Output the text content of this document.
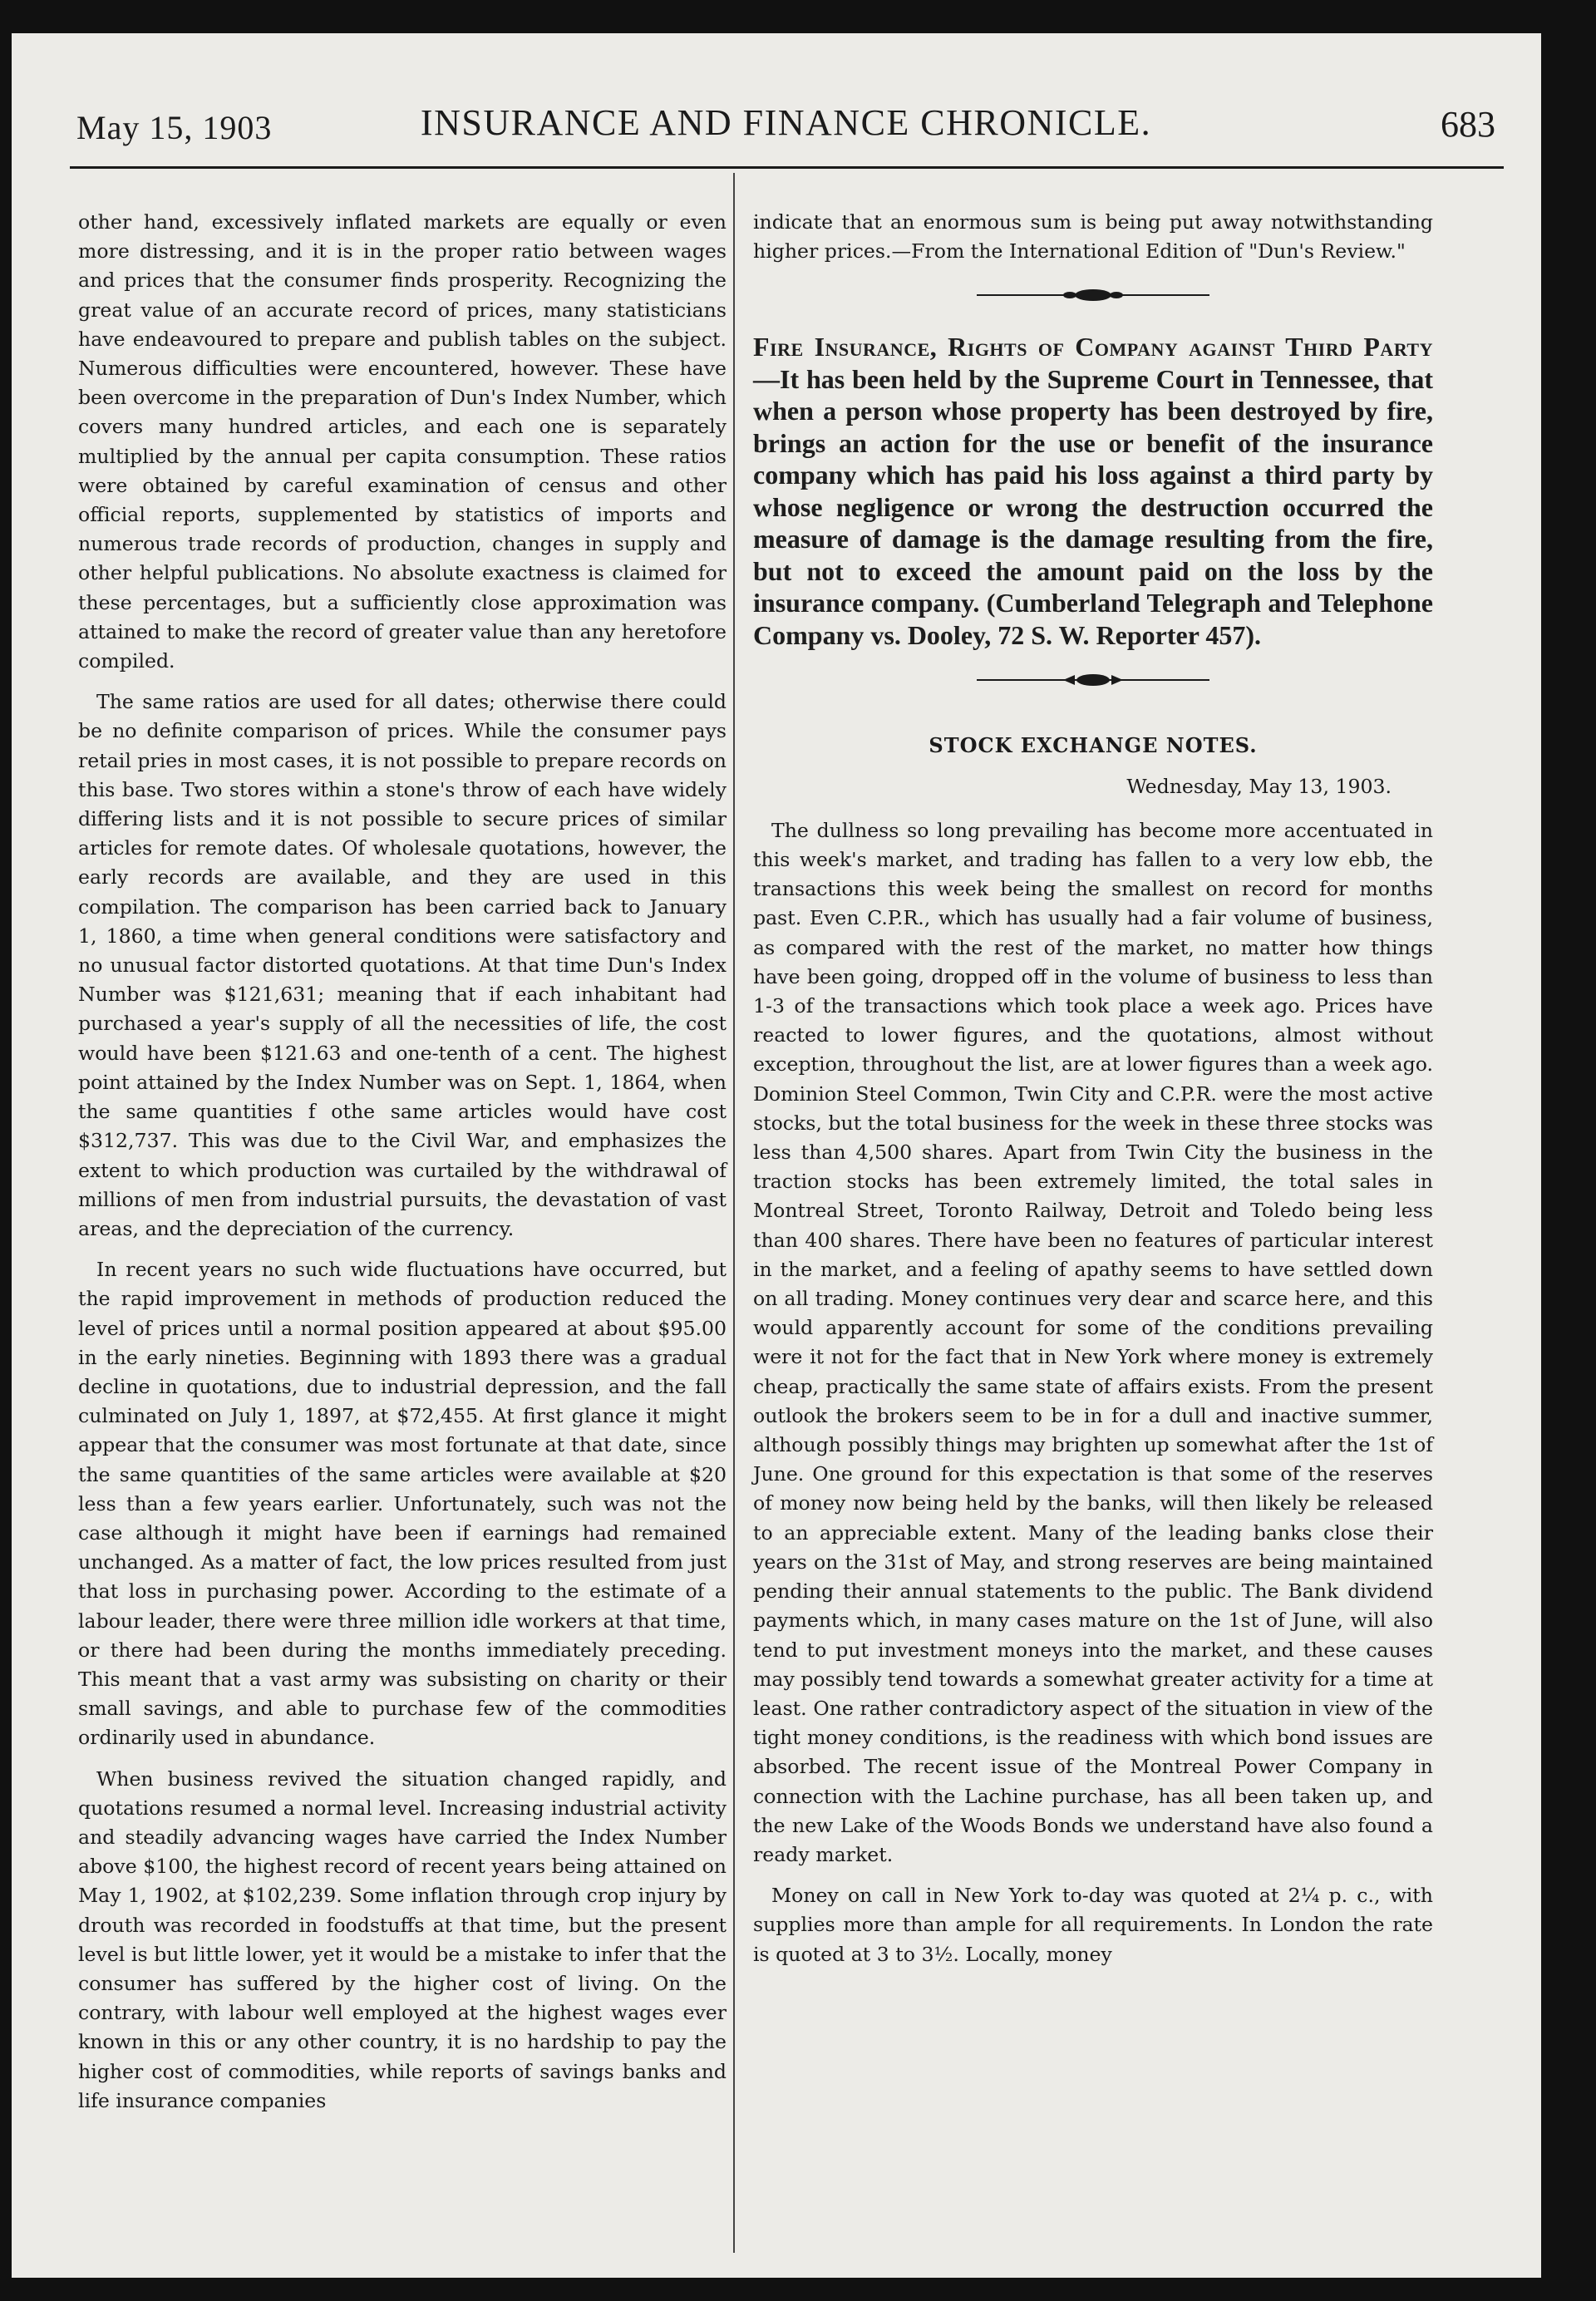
May 15, 1903	INSURANCE AND FINANCE CHRONICLE.	683

other hand, excessively inflated markets are equally or even more distressing, and it is in the proper ratio between wages and prices that the consumer finds prosperity. Recognizing the great value of an accurate record of prices, many statisticians have endeavoured to prepare and publish tables on the subject. Numerous difficulties were encountered, however. These have been overcome in the preparation of Dun's Index Number, which covers many hundred articles, and each one is separately multiplied by the annual per capita consumption. These ratios were obtained by careful examination of census and other official reports, supplemented by statistics of imports and numerous trade records of production, changes in supply and other helpful publications. No absolute exactness is claimed for these percentages, but a sufficiently close approximation was attained to make the record of greater value than any heretofore compiled.

The same ratios are used for all dates; otherwise there could be no definite comparison of prices. While the consumer pays retail pries in most cases, it is not possible to prepare records on this base. Two stores within a stone's throw of each have widely differing lists and it is not possible to secure prices of similar articles for remote dates. Of wholesale quotations, however, the early records are available, and they are used in this compilation. The comparison has been carried back to January 1, 1860, a time when general conditions were satisfactory and no unusual factor distorted quotations. At that time Dun's Index Number was $121,631; meaning that if each inhabitant had purchased a year's supply of all the necessities of life, the cost would have been $121.63 and one-tenth of a cent. The highest point attained by the Index Number was on Sept. 1, 1864, when the same quantities f othe same articles would have cost $312,737. This was due to the Civil War, and emphasizes the extent to which production was curtailed by the withdrawal of millions of men from industrial pursuits, the devastation of vast areas, and the depreciation of the currency.

In recent years no such wide fluctuations have occurred, but the rapid improvement in methods of production reduced the level of prices until a normal position appeared at about $95.00 in the early nineties. Beginning with 1893 there was a gradual decline in quotations, due to industrial depression, and the fall culminated on July 1, 1897, at $72,455. At first glance it might appear that the consumer was most fortunate at that date, since the same quantities of the same articles were available at $20 less than a few years earlier. Unfortunately, such was not the case although it might have been if earnings had remained unchanged. As a matter of fact, the low prices resulted from just that loss in purchasing power. According to the estimate of a labour leader, there were three million idle workers at that time, or there had been during the months immediately preceding. This meant that a vast army was subsisting on charity or their small savings, and able to purchase few of the commodities ordinarily used in abundance.

When business revived the situation changed rapidly, and quotations resumed a normal level. Increasing industrial activity and steadily advancing wages have carried the Index Number above $100, the highest record of recent years being attained on May 1, 1902, at $102,239. Some inflation through crop injury by drouth was recorded in foodstuffs at that time, but the present level is but little lower, yet it would be a mistake to infer that the consumer has suffered by the higher cost of living. On the contrary, with labour well employed at the highest wages ever known in this or any other country, it is no hardship to pay the higher cost of commodities, while reports of savings banks and life insurance companies

indicate that an enormous sum is being put away notwithstanding higher prices.—From the International Edition of "Dun's Review."

Fire Insurance, Rights of Company against Third Party—It has been held by the Supreme Court in Tennessee, that when a person whose property has been destroyed by fire, brings an action for the use or benefit of the insurance company which has paid his loss against a third party by whose negligence or wrong the destruction occurred the measure of damage is the damage resulting from the fire, but not to exceed the amount paid on the loss by the insurance company. (Cumberland Telegraph and Telephone Company vs. Dooley, 72 S. W. Reporter 457).

STOCK EXCHANGE NOTES.
Wednesday, May 13, 1903.

The dullness so long prevailing has become more accentuated in this week's market, and trading has fallen to a very low ebb, the transactions this week being the smallest on record for months past. Even C.P.R., which has usually had a fair volume of business, as compared with the rest of the market, no matter how things have been going, dropped off in the volume of business to less than 1-3 of the transactions which took place a week ago. Prices have reacted to lower figures, and the quotations, almost without exception, throughout the list, are at lower figures than a week ago. Dominion Steel Common, Twin City and C.P.R. were the most active stocks, but the total business for the week in these three stocks was less than 4,500 shares. Apart from Twin City the business in the traction stocks has been extremely limited, the total sales in Montreal Street, Toronto Railway, Detroit and Toledo being less than 400 shares. There have been no features of particular interest in the market, and a feeling of apathy seems to have settled down on all trading. Money continues very dear and scarce here, and this would apparently account for some of the conditions prevailing were it not for the fact that in New York where money is extremely cheap, practically the same state of affairs exists. From the present outlook the brokers seem to be in for a dull and inactive summer, although possibly things may brighten up somewhat after the 1st of June. One ground for this expectation is that some of the reserves of money now being held by the banks, will then likely be released to an appreciable extent. Many of the leading banks close their years on the 31st of May, and strong reserves are being maintained pending their annual statements to the public. The Bank dividend payments which, in many cases mature on the 1st of June, will also tend to put investment moneys into the market, and these causes may possibly tend towards a somewhat greater activity for a time at least. One rather contradictory aspect of the situation in view of the tight money conditions, is the readiness with which bond issues are absorbed. The recent issue of the Montreal Power Company in connection with the Lachine purchase, has all been taken up, and the new Lake of the Woods Bonds we understand have also found a ready market.

Money on call in New York to-day was quoted at 2¼ p. c., with supplies more than ample for all requirements. In London the rate is quoted at 3 to 3½. Locally, money
